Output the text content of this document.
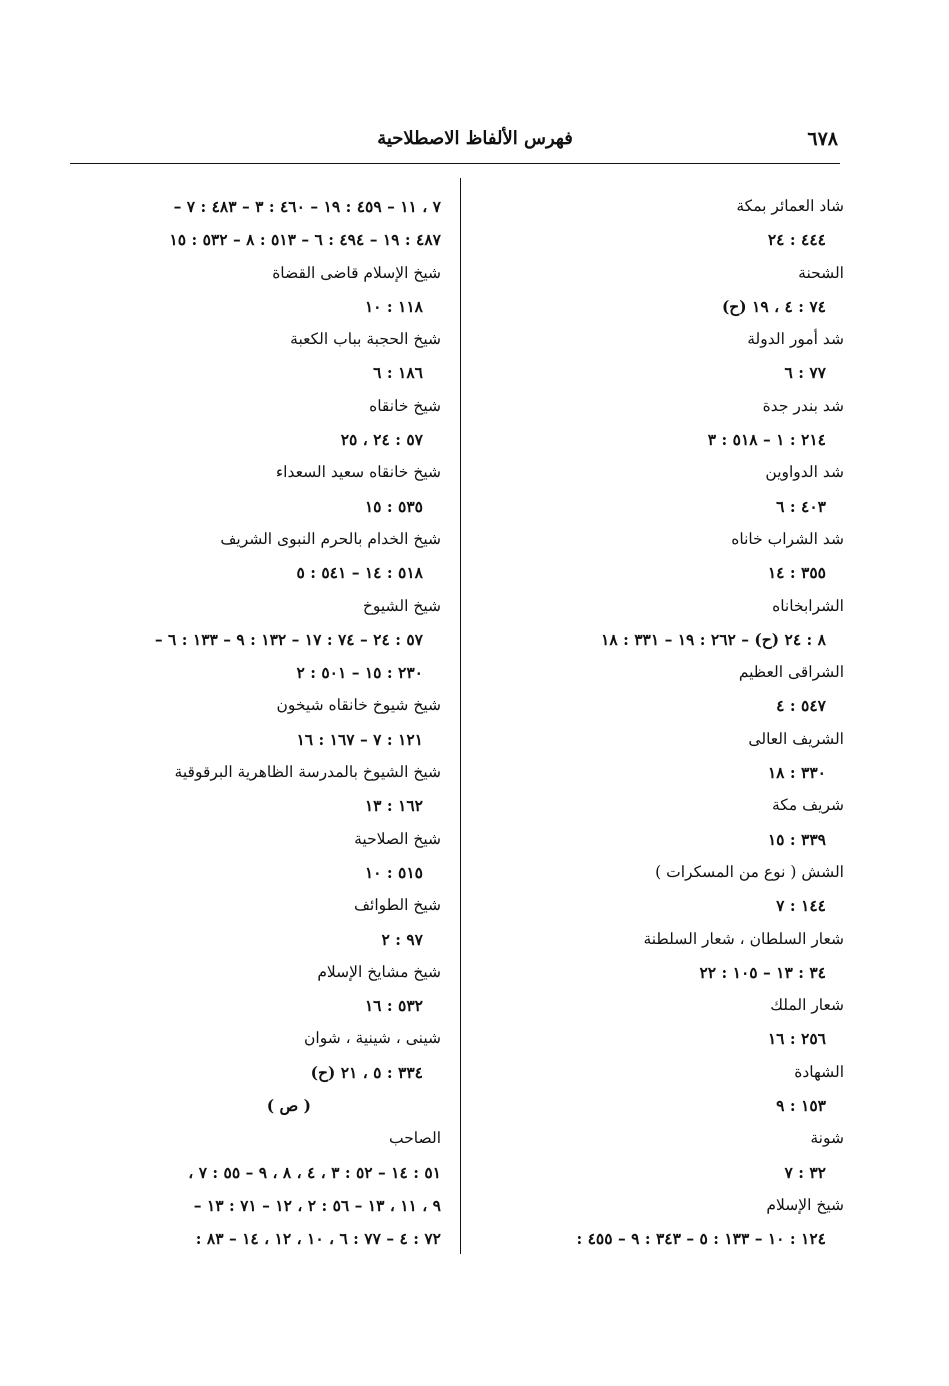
٦٧٨
فهرس الألفاظ الاصطلاحية
شاد العمائر بمكة
٤٤٤ : ٢٤
الشحنة
٧٤ : ٤ ، ١٩ (ح)
شد أمور الدولة
٧٧ : ٦
شد بندر جدة
٢١٤ : ١ – ٥١٨ : ٣
شد الدواوين
٤٠٣ : ٦
شد الشراب خاناه
٣٥٥ : ١٤
الشرابخاناه
٨ : ٢٤ (ح) – ٢٦٢ : ١٩ – ٣٣١ : ١٨
الشراقى العظيم
٥٤٧ : ٤
الشريف العالى
٣٣٠ : ١٨
شريف مكة
٣٣٩ : ١٥
الشش ( نوع من المسكرات )
١٤٤ : ٧
شعار السلطان ، شعار السلطنة
٣٤ : ١٣ – ١٠٥ : ٢٢
شعار الملك
٢٥٦ : ١٦
الشهادة
١٥٣ : ٩
شونة
٣٢ : ٧
شيخ الإسلام
١٢٤ : ١٠ – ١٣٣ : ٥ – ٣٤٣ : ٩ – ٤٥٥ :
٧ ، ١١ – ٤٥٩ : ١٩ – ٤٦٠ : ٣ – ٤٨٣ : ٧ –
٤٨٧ : ١٩ – ٤٩٤ : ٦ – ٥١٣ : ٨ – ٥٣٢ : ١٥
شيخ الإسلام قاضى القضاة
١١٨ : ١٠
شيخ الحجبة بباب الكعبة
١٨٦ : ٦
شيخ خانقاه
٥٧ : ٢٤ ، ٢٥
شيخ خانقاه سعيد السعداء
٥٣٥ : ١٥
شيخ الخدام بالحرم النبوى الشريف
٥١٨ : ١٤ – ٥٤١ : ٥
شيخ الشيوخ
٥٧ : ٢٤ – ٧٤ : ١٧ – ١٣٢ : ٩ – ١٣٣ : ٦ –
٢٣٠ : ١٥ – ٥٠١ : ٢
شيخ شيوخ خانقاه شيخون
١٢١ : ٧ – ١٦٧ : ١٦
شيخ الشيوخ بالمدرسة الظاهرية البرقوقية
١٦٢ : ١٣
شيخ الصلاحية
٥١٥ : ١٠
شيخ الطوائف
٩٧ : ٢
شيخ مشايخ الإسلام
٥٣٢ : ١٦
شينى ، شينية ، شوان
٣٣٤ : ٥ ، ٢١ (ح)
( ص )
الصاحب
٥١ : ١٤ – ٥٢ : ٣ ، ٤ ، ٨ ، ٩ – ٥٥ : ٧ ،
٩ ، ١١ ، ١٣ – ٥٦ : ٢ ، ١٢ – ٧١ : ١٣ –
٧٢ : ٤ – ٧٧ : ٦ ، ١٠ ، ١٢ ، ١٤ – ٨٣ :
